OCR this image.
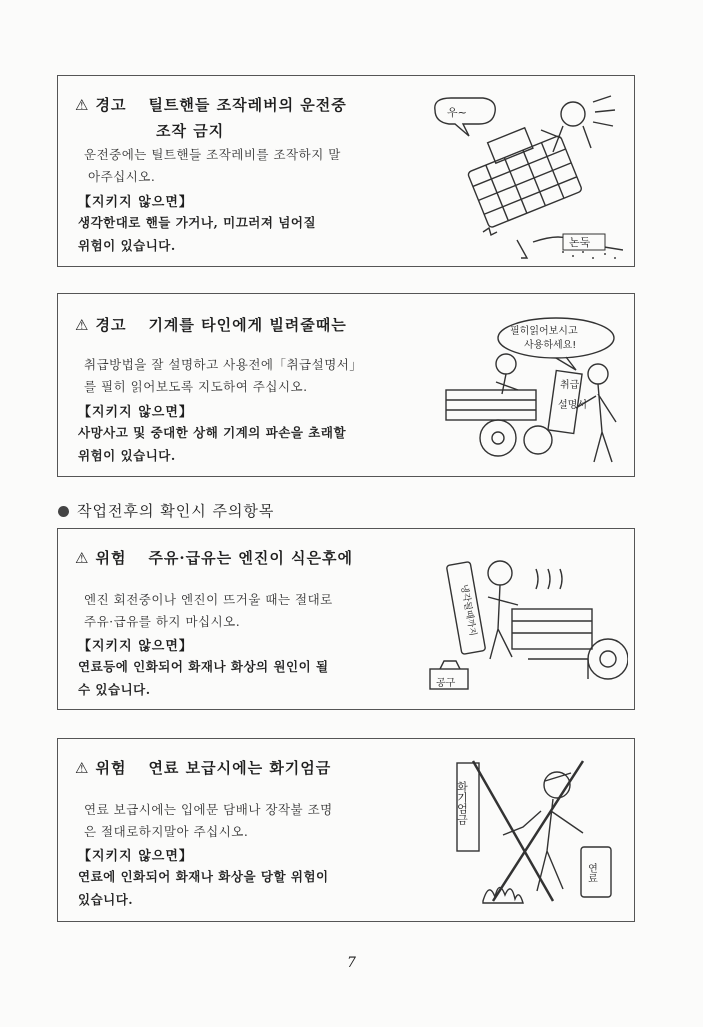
⚠ 경고 틸트핸들 조작레버의 운전중
조작 금지
운전중에는 틸트핸들 조작레비를 조작하지 말
아주십시오.
【지키지 않으면】
생각한대로 핸들 가거나, 미끄러져 넘어질
위험이 있습니다.
우~
논둑
⚠ 경고 기계를 타인에게 빌려줄때는
취급방법을 잘 설명하고 사용전에「취급설명서」
를 필히 읽어보도록 지도하여 주십시오.
【지키지 않으면】
사망사고 및 중대한 상해 기계의 파손을 초래할
위험이 있습니다.
필히읽어보시고
사용하세요!
취급
설명서
작업전후의 확인시 주의항목
⚠ 위험 주유·급유는 엔진이 식은후에
엔진 회전중이나 엔진이 뜨거울 때는 절대로
주유·급유를 하지 마십시오.
【지키지 않으면】
연료등에 인화되어 화재나 화상의 원인이 될
수 있습니다.
냉각될때까지
공구
⚠ 위험 연료 보급시에는 화기엄금
연료 보급시에는 입에문 담배나 장작불 조명
은 절대로하지말아 주십시오.
【지키지 않으면】
연료에 인화되어 화재나 화상을 당할 위험이
있습니다.
화기엄금
연료
7
